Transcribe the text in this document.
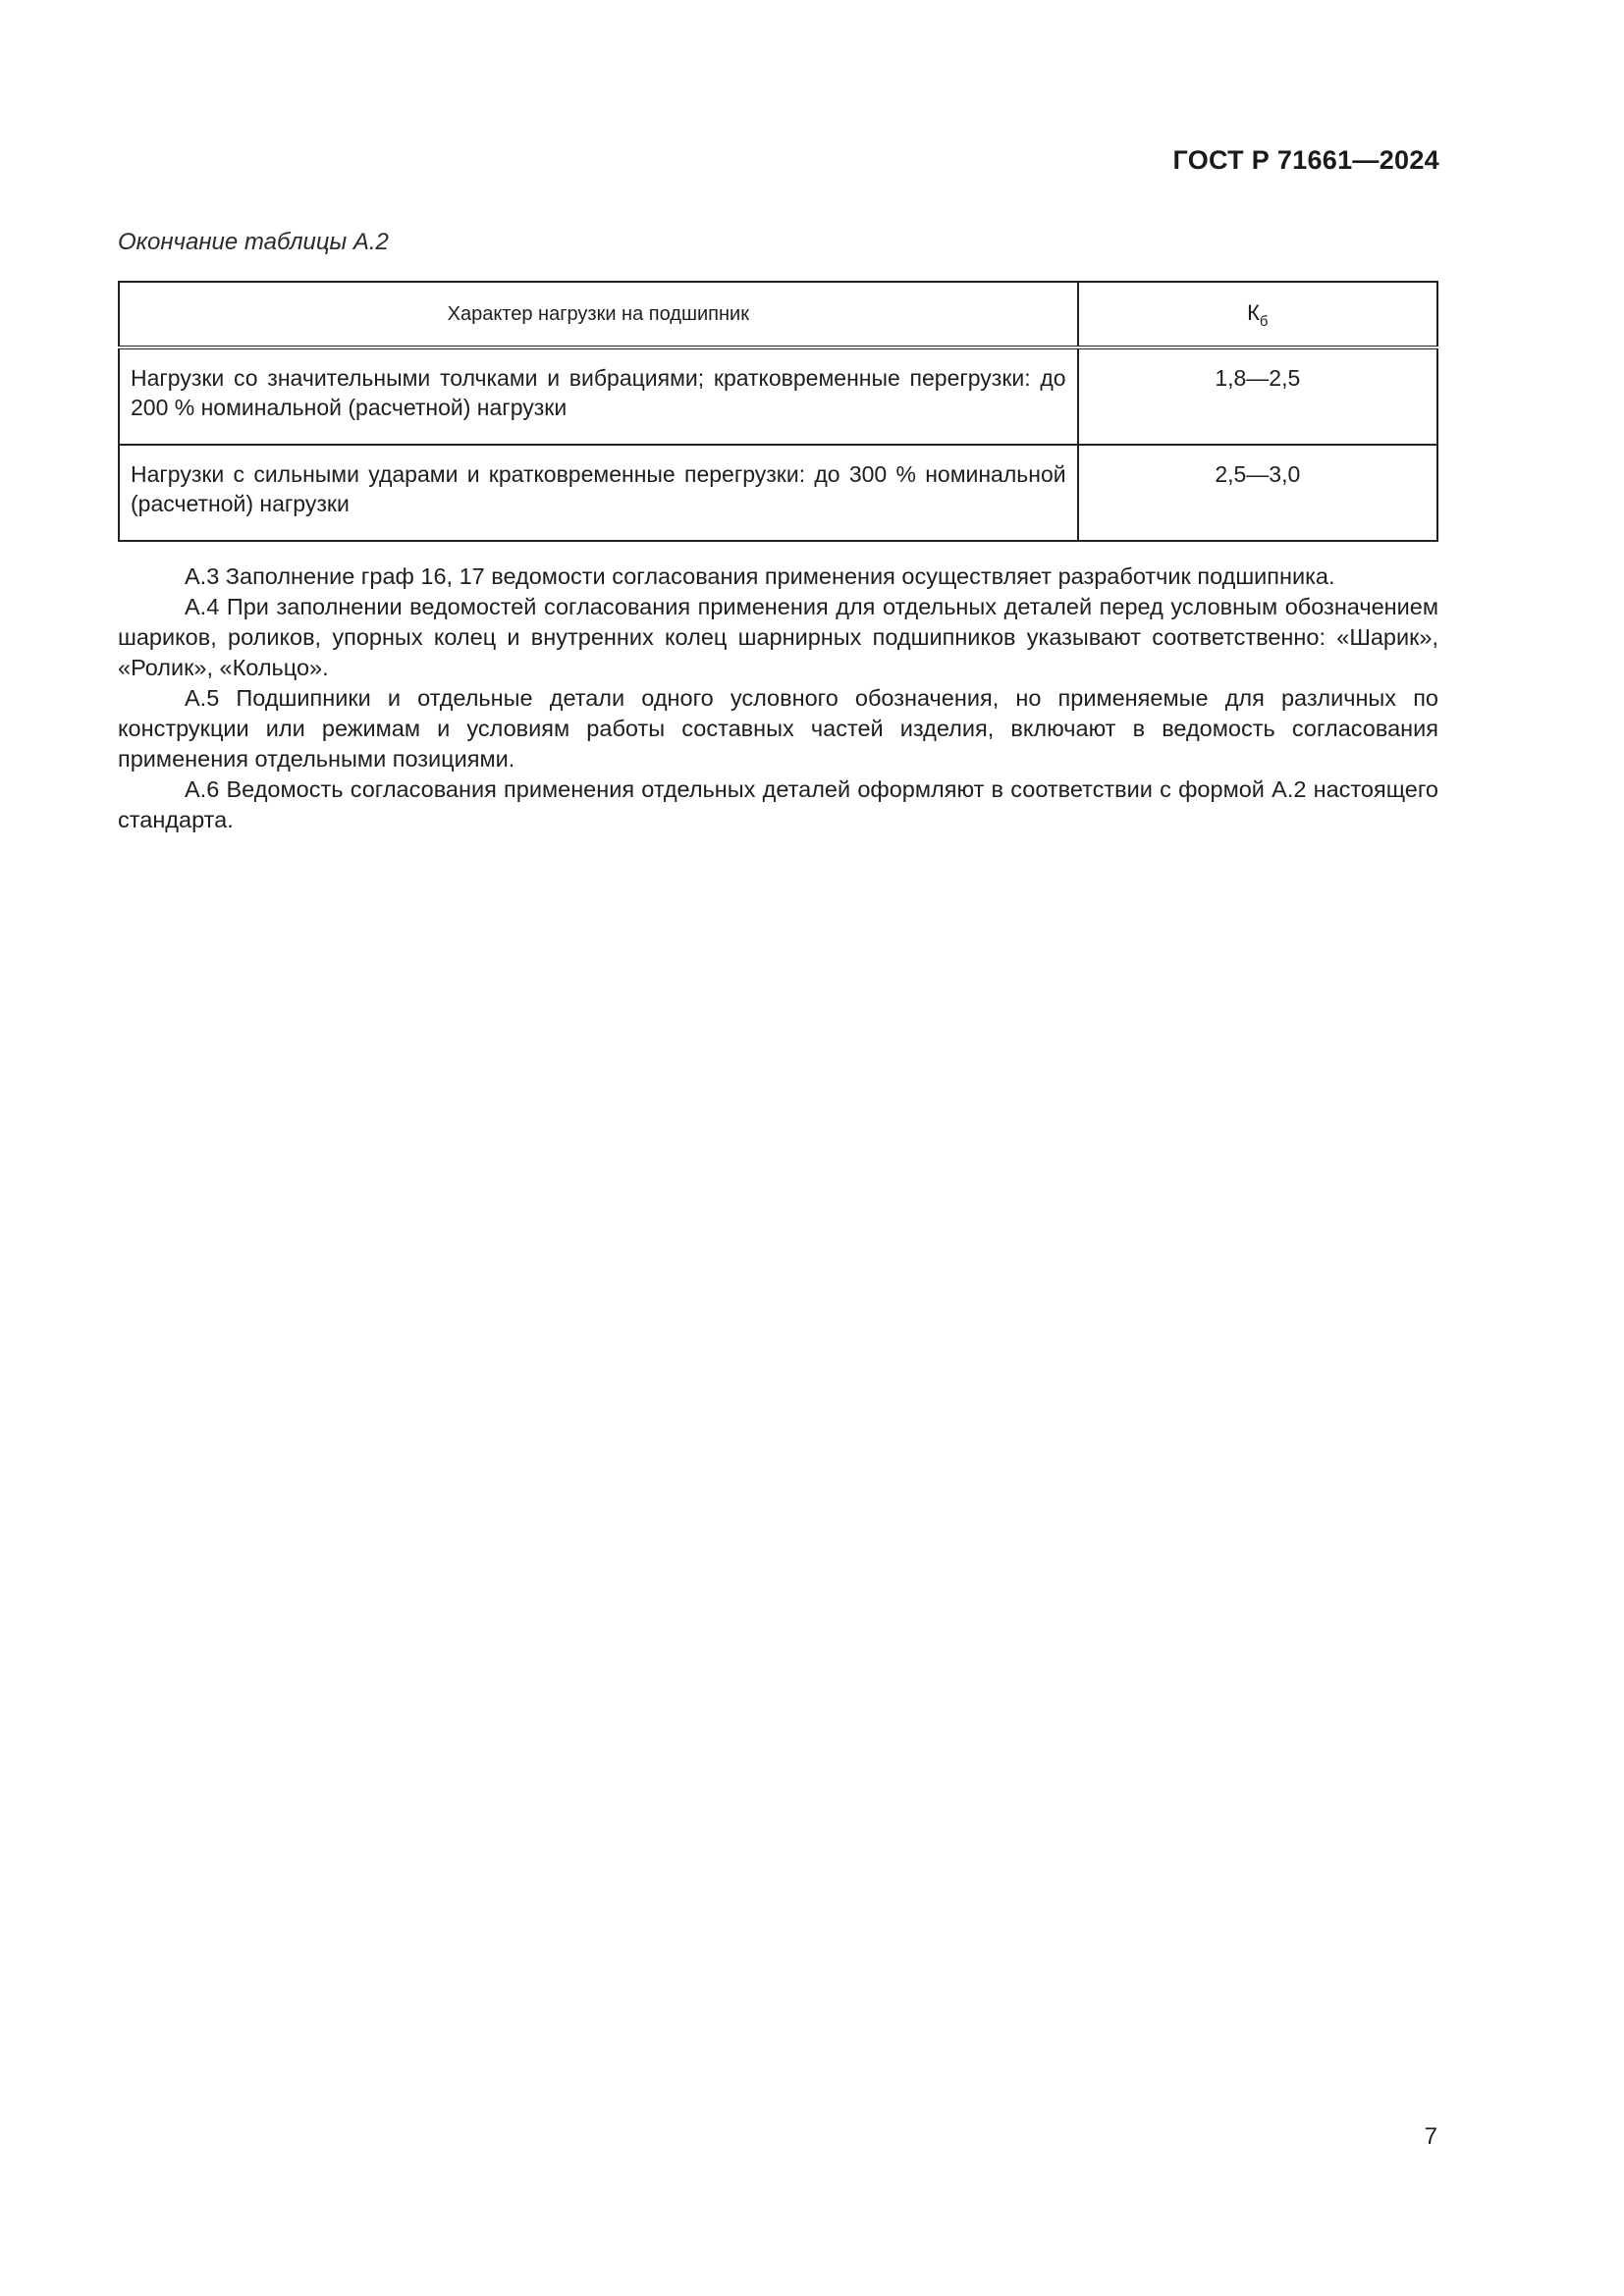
ГОСТ Р 71661—2024
Окончание таблицы А.2
Характер нагрузки на подшипник	$К_б$
Нагрузки со значительными толчками и вибрациями; кратковременные перегрузки: до 200 % номинальной (расчетной) нагрузки	1,8—2,5
Нагрузки с сильными ударами и кратковременные перегрузки: до 300 % номинальной (расчетной) нагрузки	2,5—3,0

А.3 Заполнение граф 16, 17 ведомости согласования применения осуществляет разработчик подшипника.

А.4 При заполнении ведомостей согласования применения для отдельных деталей перед условным обозначением шариков, роликов, упорных колец и внутренних колец шарнирных подшипников указывают соответственно: «Шарик», «Ролик», «Кольцо».

А.5 Подшипники и отдельные детали одного условного обозначения, но применяемые для различных по конструкции или режимам и условиям работы составных частей изделия, включают в ведомость согласования применения отдельными позициями.

А.6 Ведомость согласования применения отдельных деталей оформляют в соответствии с формой А.2 настоящего стандарта.

7
